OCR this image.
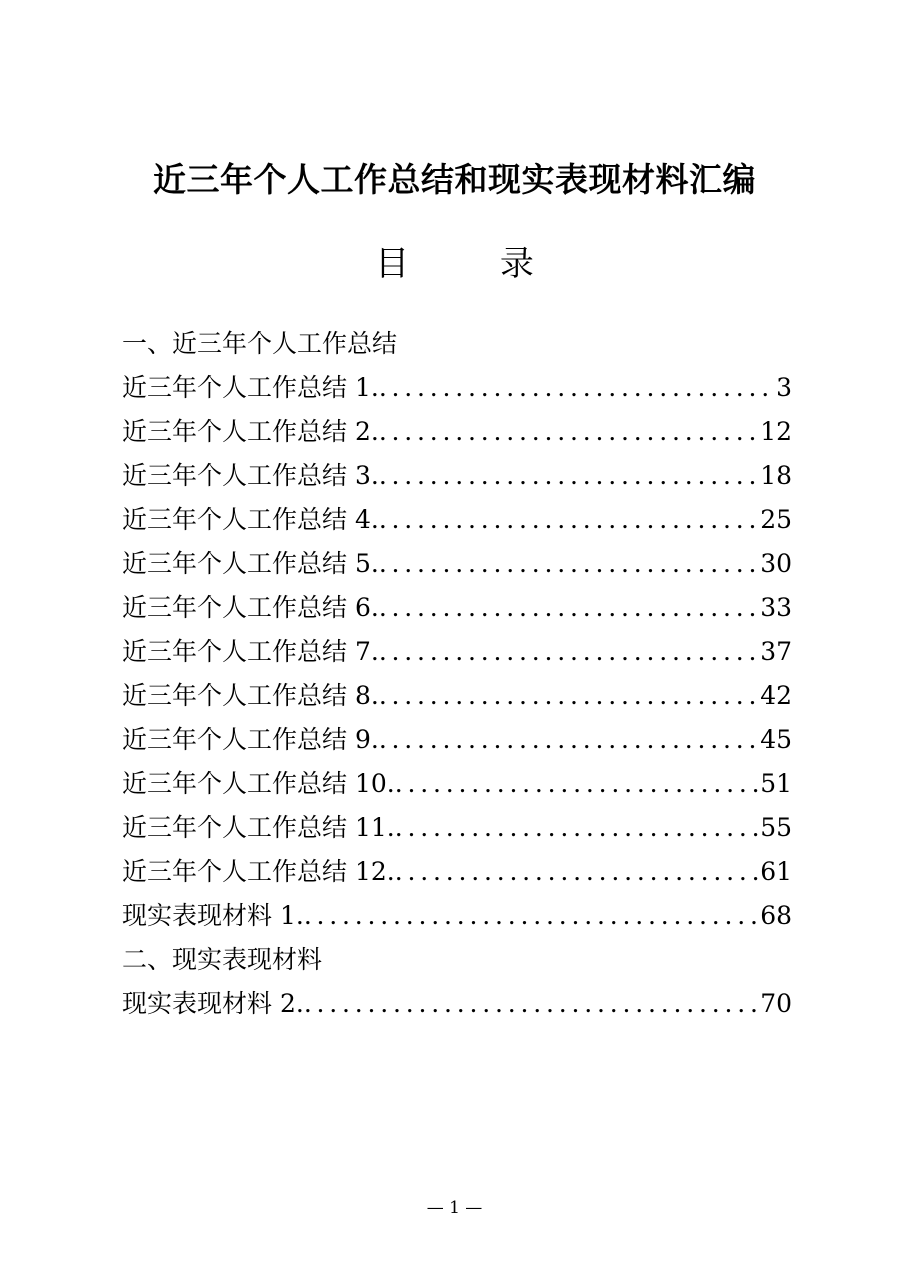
近三年个人工作总结和现实表现材料汇编
目 录
一、近三年个人工作总结
近三年个人工作总结 1. .....	3
近三年个人工作总结 2. .....	12
近三年个人工作总结 3. .....	18
近三年个人工作总结 4. .....	25
近三年个人工作总结 5. .....	30
近三年个人工作总结 6. .....	33
近三年个人工作总结 7. .....	37
近三年个人工作总结 8. .....	42
近三年个人工作总结 9. .....	45
近三年个人工作总结 10. .....	51
近三年个人工作总结 11. .....	55
近三年个人工作总结 12. .....	61
现实表现材料 1. .....	68
二、现实表现材料
现实表现材料 2. .....	70
— 1 —
